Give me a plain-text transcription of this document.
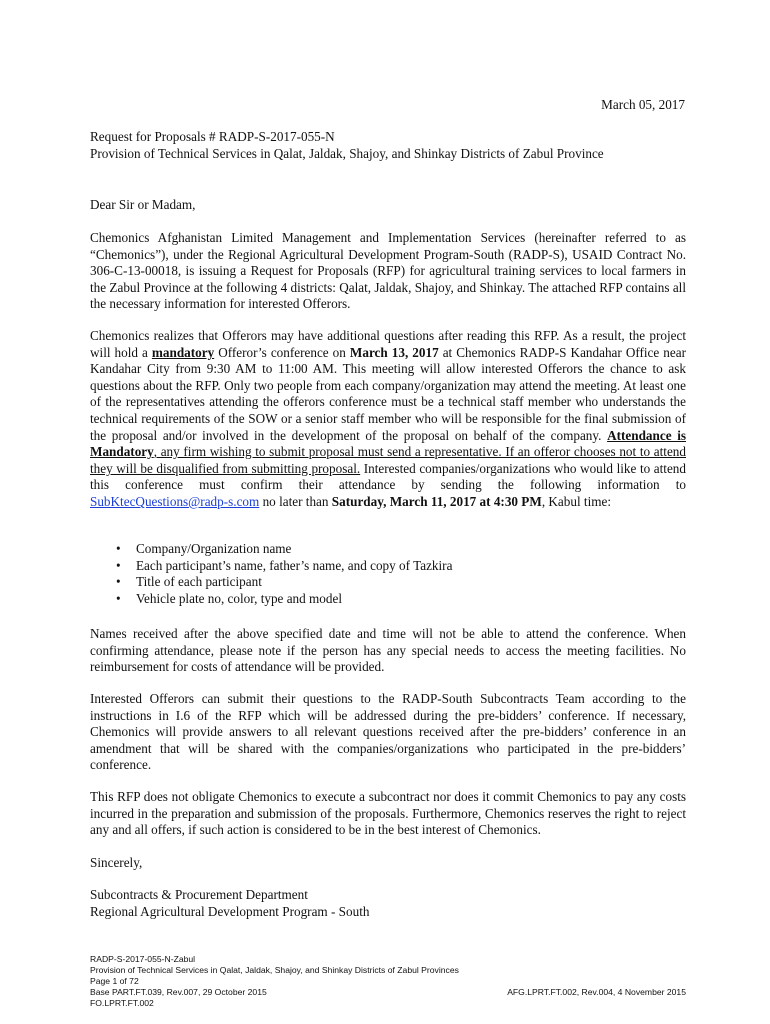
March 05, 2017

Request for Proposals # RADP-S-2017-055-N

Provision of Technical Services in Qalat, Jaldak, Shajoy, and Shinkay Districts of Zabul Province

Dear Sir or Madam,

Chemonics Afghanistan Limited Management and Implementation Services (hereinafter referred to as “Chemonics”), under the Regional Agricultural Development Program-South (RADP-S), USAID Contract No. 306-C-13-00018, is issuing a Request for Proposals (RFP) for agricultural training services to local farmers in the Zabul Province at the following 4 districts: Qalat, Jaldak, Shajoy, and Shinkay. The attached RFP contains all the necessary information for interested Offerors.

Chemonics realizes that Offerors may have additional questions after reading this RFP. As a result, the project will hold a mandatory Offeror’s conference on March 13, 2017 at Chemonics RADP-S Kandahar Office near Kandahar City from 9:30 AM to 11:00 AM. This meeting will allow interested Offerors the chance to ask questions about the RFP. Only two people from each company/organization may attend the meeting. At least one of the representatives attending the offerors conference must be a technical staff member who understands the technical requirements of the SOW or a senior staff member who will be responsible for the final submission of the proposal and/or involved in the development of the proposal on behalf of the company. Attendance is Mandatory, any firm wishing to submit proposal must send a representative. If an offeror chooses not to attend they will be disqualified from submitting proposal. Interested companies/organizations who would like to attend this conference must confirm their attendance by sending the following information to SubKtecQuestions@radp-s.com no later than Saturday, March 11, 2017 at 4:30 PM, Kabul time:

• Company/Organization name
• Each participant’s name, father’s name, and copy of Tazkira
• Title of each participant
• Vehicle plate no, color, type and model

Names received after the above specified date and time will not be able to attend the conference. When confirming attendance, please note if the person has any special needs to access the meeting facilities. No reimbursement for costs of attendance will be provided.

Interested Offerors can submit their questions to the RADP-South Subcontracts Team according to the instructions in I.6 of the RFP which will be addressed during the pre-bidders’ conference. If necessary, Chemonics will provide answers to all relevant questions received after the pre-bidders’ conference in an amendment that will be shared with the companies/organizations who participated in the pre-bidders’ conference.

This RFP does not obligate Chemonics to execute a subcontract nor does it commit Chemonics to pay any costs incurred in the preparation and submission of the proposals. Furthermore, Chemonics reserves the right to reject any and all offers, if such action is considered to be in the best interest of Chemonics.

Sincerely,

Subcontracts & Procurement Department

Regional Agricultural Development Program - South

RADP-S-2017-055-N-Zabul
Provision of Technical Services in Qalat, Jaldak, Shajoy, and Shinkay Districts of Zabul Provinces
Page 1 of 72
Base PART.FT.039, Rev.007, 29 October 2015	AFG.LPRT.FT.002, Rev.004, 4 November 2015
FO.LPRT.FT.002
